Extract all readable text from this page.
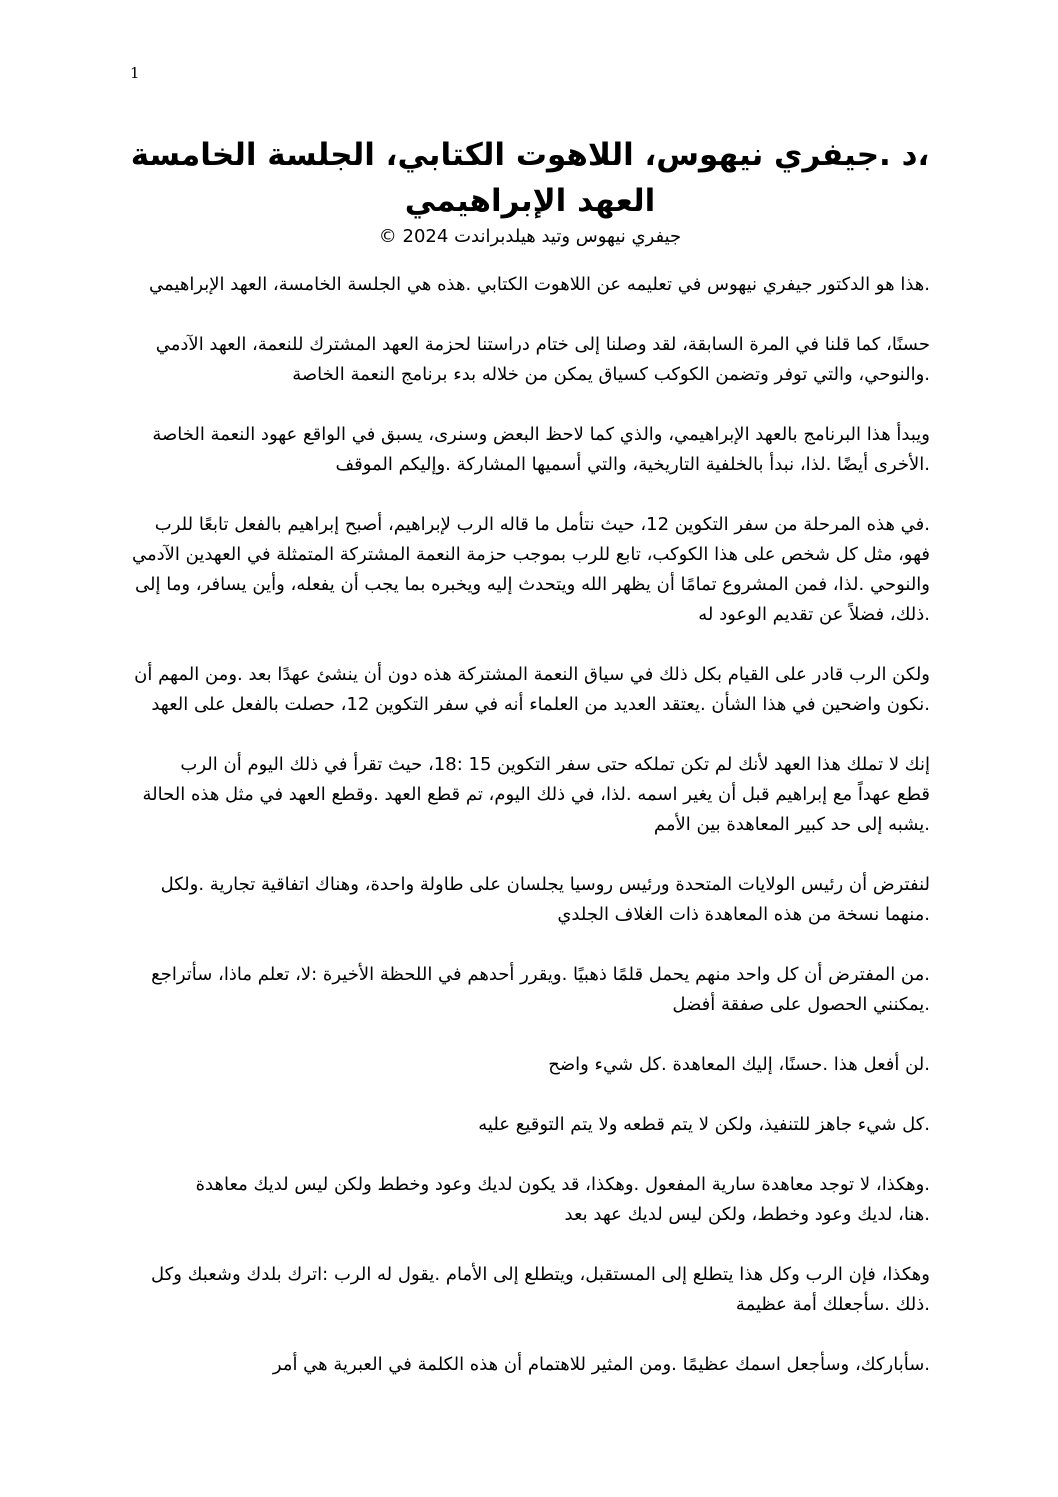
1

،د .جيفري نيهوس، اللاهوت الكتابي، الجلسة الخامسة

العهد الإبراهيمي

جيفري نيهوس وتيد هيلدبراندت 2024 ©

.هذا هو الدكتور جيفري نيهوس في تعليمه عن اللاهوت الكتابي .هذه هي الجلسة الخامسة، العهد الإبراهيمي

حسنًا، كما قلنا في المرة السابقة، لقد وصلنا إلى ختام دراستنا لحزمة العهد المشترك للنعمة، العهد الآدمي
.والنوحي، والتي توفر وتضمن الكوكب كسياق يمكن من خلاله بدء برنامج النعمة الخاصة

ويبدأ هذا البرنامج بالعهد الإبراهيمي، والذي كما لاحظ البعض وسنرى، يسبق في الواقع عهود النعمة الخاصة
.الأخرى أيضًا .لذا، نبدأ بالخلفية التاريخية، والتي أسميها المشاركة .وإليكم الموقف

.في هذه المرحلة من سفر التكوين 12، حيث نتأمل ما قاله الرب لإبراهيم، أصبح إبراهيم بالفعل تابعًا للرب
فهو، مثل كل شخص على هذا الكوكب، تابع للرب بموجب حزمة النعمة المشتركة المتمثلة في العهدين الآدمي
والنوحي .لذا، فمن المشروع تمامًا أن يظهر الله ويتحدث إليه ويخبره بما يجب أن يفعله، وأين يسافر، وما إلى
.ذلك، فضلاً عن تقديم الوعود له

ولكن الرب قادر على القيام بكل ذلك في سياق النعمة المشتركة هذه دون أن ينشئ عهدًا بعد .ومن المهم أن
.نكون واضحين في هذا الشأن .يعتقد العديد من العلماء أنه في سفر التكوين 12، حصلت بالفعل على العهد

إنك لا تملك هذا العهد لأنك لم تكن تملكه حتى سفر التكوين 15 :18، حيث تقرأ في ذلك اليوم أن الرب
قطع عهداً مع إبراهيم قبل أن يغير اسمه .لذا، في ذلك اليوم، تم قطع العهد .وقطع العهد في مثل هذه الحالة
.يشبه إلى حد كبير المعاهدة بين الأمم

لنفترض أن رئيس الولايات المتحدة ورئيس روسيا يجلسان على طاولة واحدة، وهناك اتفاقية تجارية .ولكل
.منهما نسخة من هذه المعاهدة ذات الغلاف الجلدي

.من المفترض أن كل واحد منهم يحمل قلمًا ذهبيًا .ويقرر أحدهم في اللحظة الأخيرة :لا، تعلم ماذا، سأتراجع
.يمكنني الحصول على صفقة أفضل

.لن أفعل هذا .حسنًا، إليك المعاهدة .كل شيء واضح

.كل شيء جاهز للتنفيذ، ولكن لا يتم قطعه ولا يتم التوقيع عليه

.وهكذا، لا توجد معاهدة سارية المفعول .وهكذا، قد يكون لديك وعود وخطط ولكن ليس لديك معاهدة
.هنا، لديك وعود وخطط، ولكن ليس لديك عهد بعد

وهكذا، فإن الرب وكل هذا يتطلع إلى المستقبل، ويتطلع إلى الأمام .يقول له الرب :اترك بلدك وشعبك وكل
.ذلك .سأجعلك أمة عظيمة

.سأباركك، وسأجعل اسمك عظيمًا .ومن المثير للاهتمام أن هذه الكلمة في العبرية هي أمر
